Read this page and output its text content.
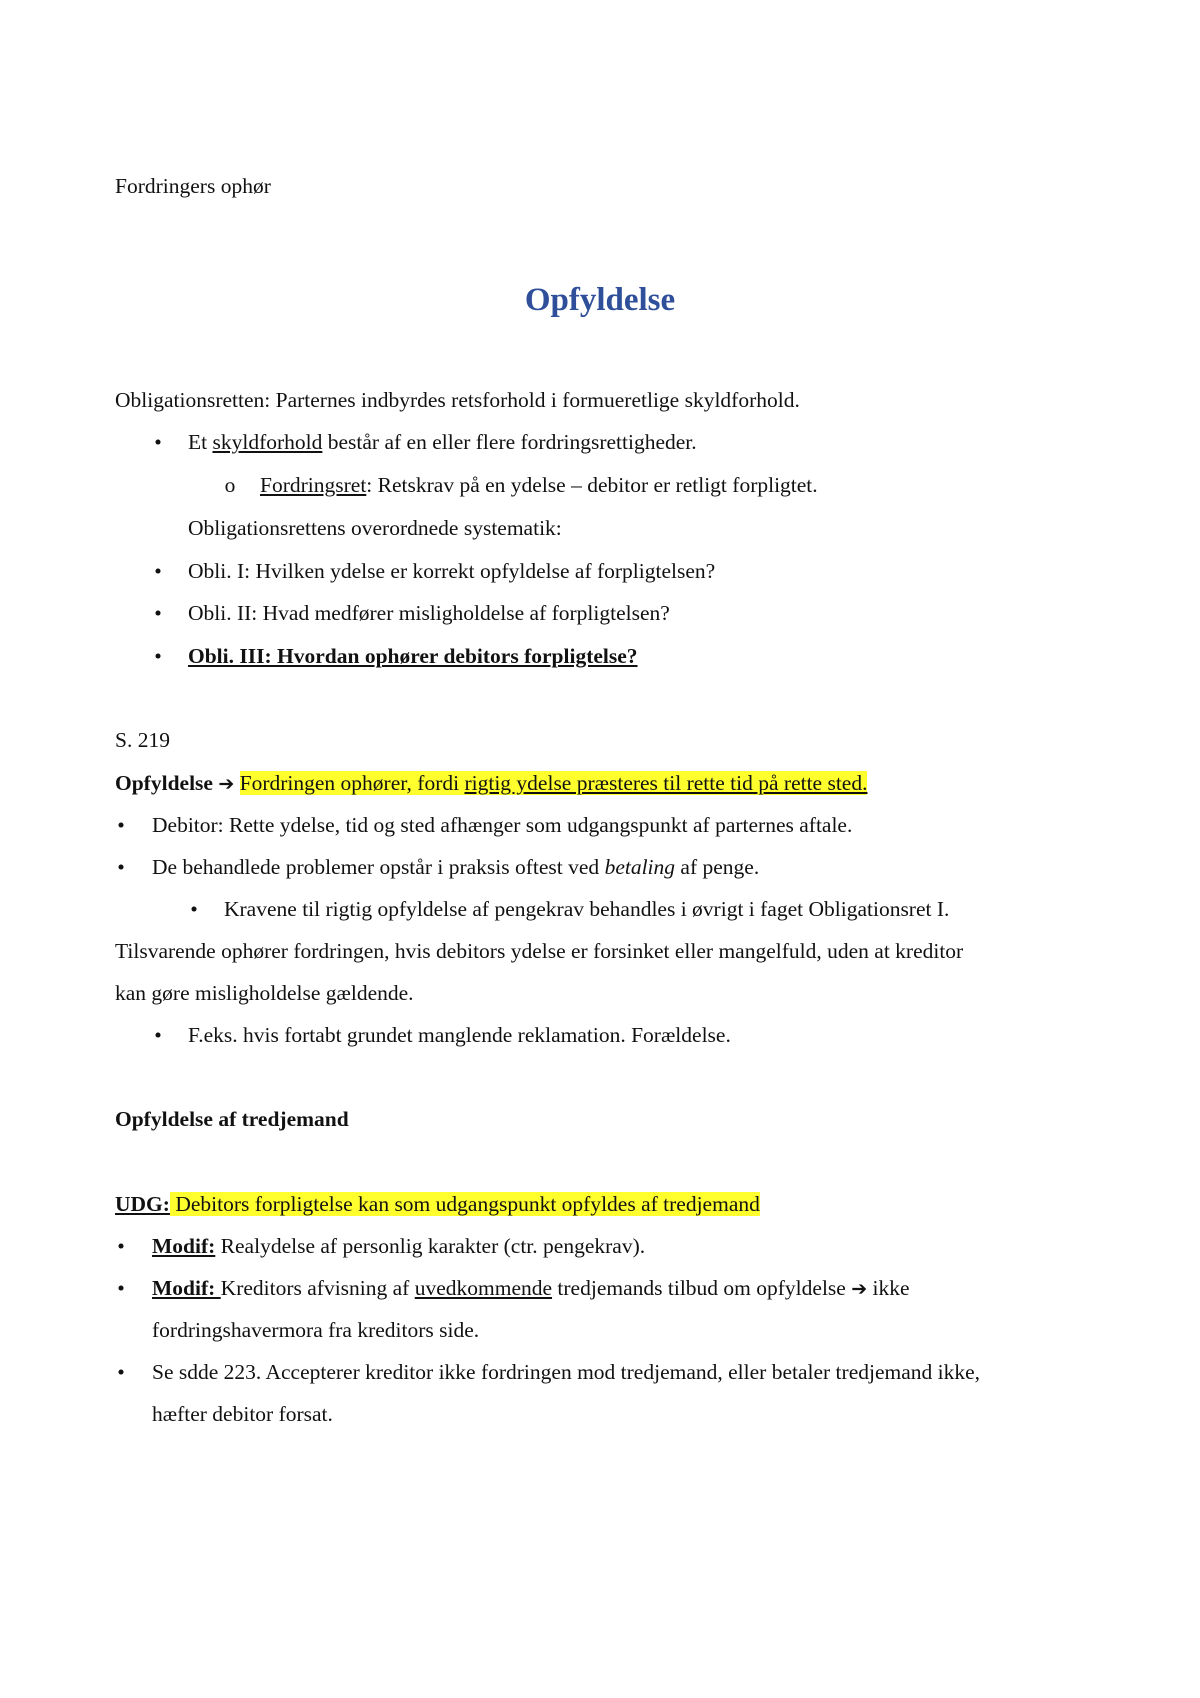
Fordringers ophør
Opfyldelse
Obligationsretten: Parternes indbyrdes retsforhold i formueretlige skyldforhold.
• Et skyldforhold består af en eller flere fordringsrettigheder.
o Fordringsret: Retskrav på en ydelse – debitor er retligt forpligtet.
Obligationsrettens overordnede systematik:
• Obli. I: Hvilken ydelse er korrekt opfyldelse af forpligtelsen?
• Obli. II: Hvad medfører misligholdelse af forpligtelsen?
• Obli. III: Hvordan ophører debitors forpligtelse?
S. 219
Opfyldelse ➔ Fordringen ophører, fordi rigtig ydelse præsteres til rette tid på rette sted.
• Debitor: Rette ydelse, tid og sted afhænger som udgangspunkt af parternes aftale.
• De behandlede problemer opstår i praksis oftest ved betaling af penge.
• Kravene til rigtig opfyldelse af pengekrav behandles i øvrigt i faget Obligationsret I.
Tilsvarende ophører fordringen, hvis debitors ydelse er forsinket eller mangelfuld, uden at kreditor
kan gøre misligholdelse gældende.
• F.eks. hvis fortabt grundet manglende reklamation. Forældelse.
Opfyldelse af tredjemand
UDG: Debitors forpligtelse kan som udgangspunkt opfyldes af tredjemand
• Modif: Realydelse af personlig karakter (ctr. pengekrav).
• Modif: Kreditors afvisning af uvedkommende tredjemands tilbud om opfyldelse ➔ ikke
fordringshavermora fra kreditors side.
• Se sdde 223. Accepterer kreditor ikke fordringen mod tredjemand, eller betaler tredjemand ikke,
hæfter debitor forsat.
